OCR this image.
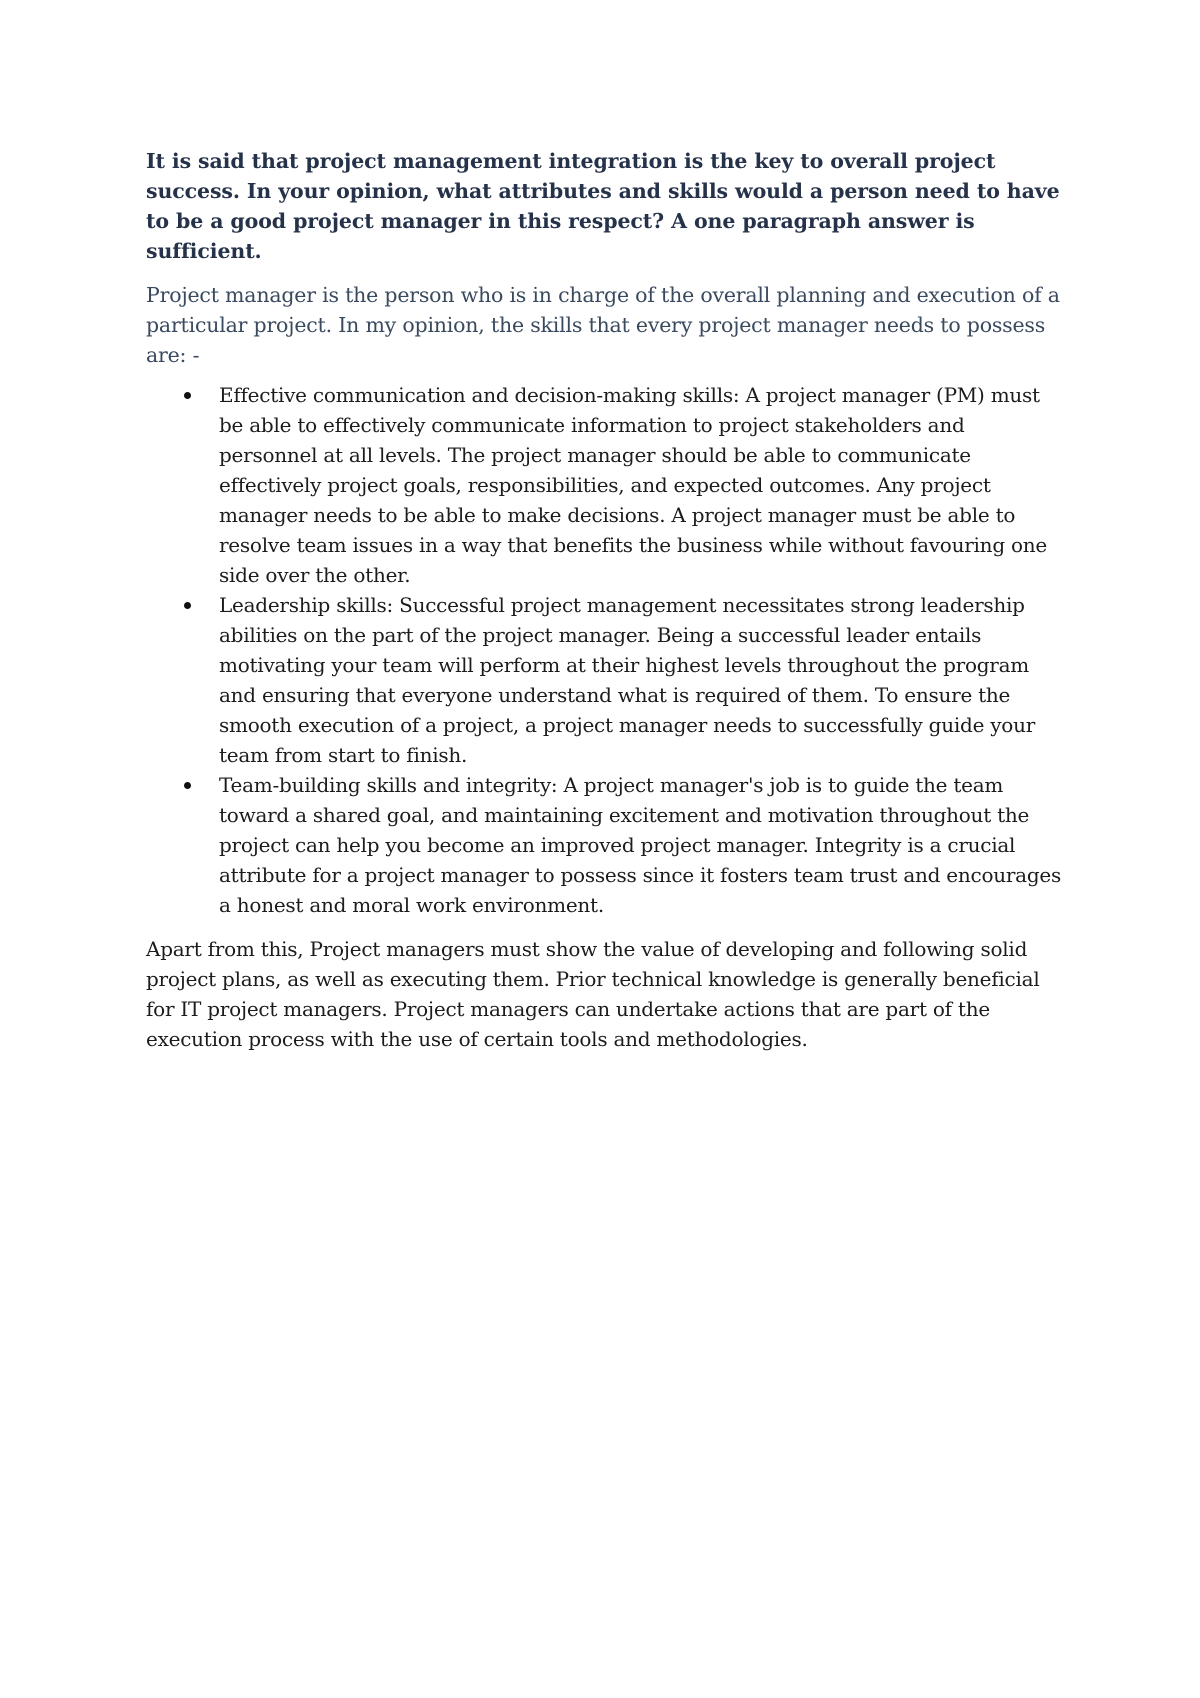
It is said that project management integration is the key to overall project success. In your opinion, what attributes and skills would a person need to have to be a good project manager in this respect? A one paragraph answer is sufficient.

Project manager is the person who is in charge of the overall planning and execution of a particular project. In my opinion, the skills that every project manager needs to possess are: -

Effective communication and decision-making skills: A project manager (PM) must be able to effectively communicate information to project stakeholders and personnel at all levels. The project manager should be able to communicate effectively project goals, responsibilities, and expected outcomes. Any project manager needs to be able to make decisions. A project manager must be able to resolve team issues in a way that benefits the business while without favouring one side over the other.
Leadership skills: Successful project management necessitates strong leadership abilities on the part of the project manager. Being a successful leader entails motivating your team will perform at their highest levels throughout the program and ensuring that everyone understand what is required of them. To ensure the smooth execution of a project, a project manager needs to successfully guide your team from start to finish.
Team-building skills and integrity: A project manager's job is to guide the team toward a shared goal, and maintaining excitement and motivation throughout the project can help you become an improved project manager. Integrity is a crucial attribute for a project manager to possess since it fosters team trust and encourages a honest and moral work environment.

Apart from this, Project managers must show the value of developing and following solid project plans, as well as executing them. Prior technical knowledge is generally beneficial for IT project managers. Project managers can undertake actions that are part of the execution process with the use of certain tools and methodologies.
